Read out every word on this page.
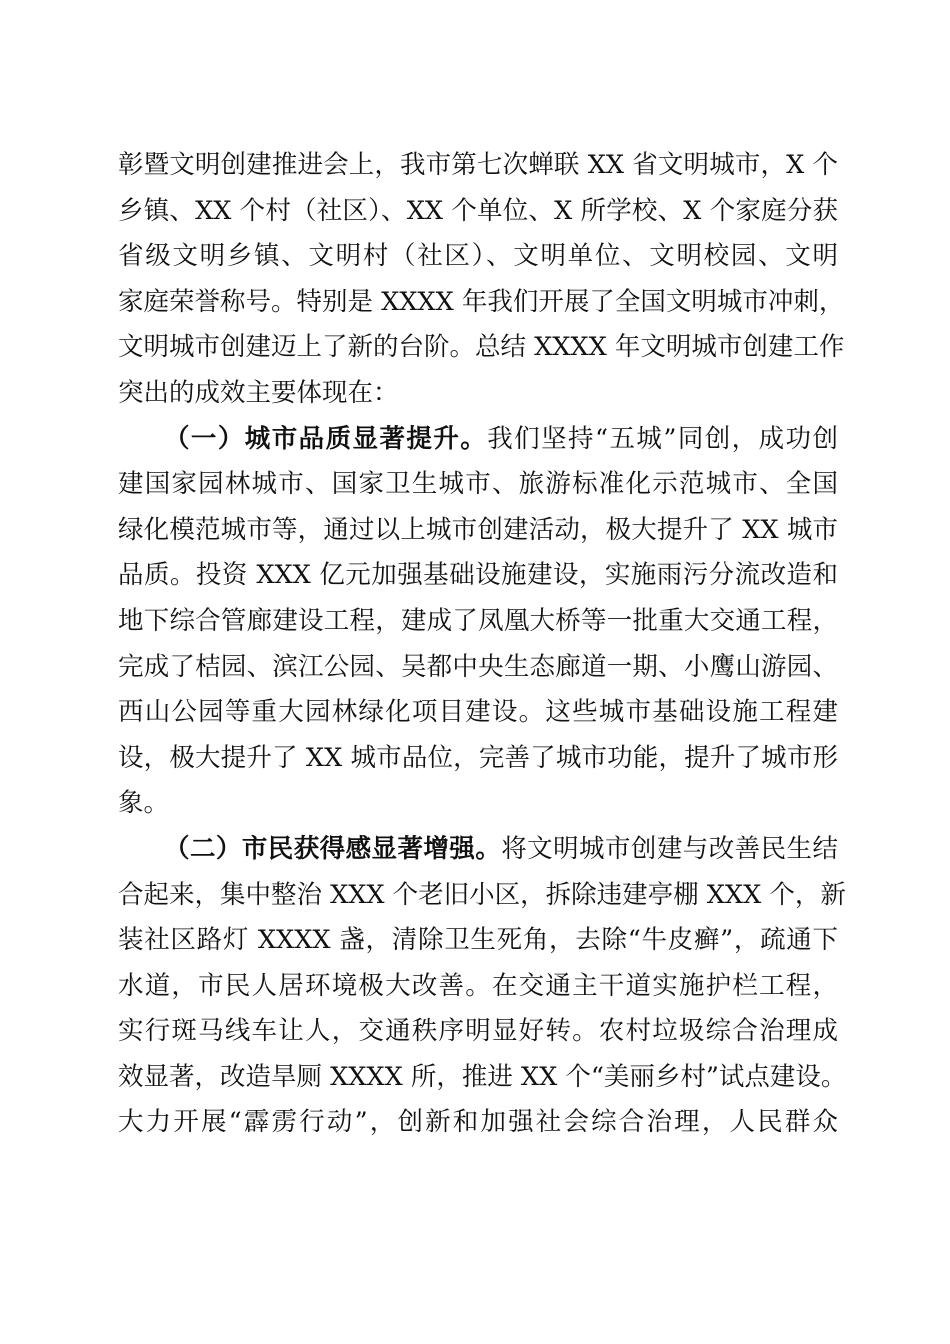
彰暨文明创建推进会上，我市第七次蝉联 XX 省文明城市，X 个
乡镇、XX 个村（社区）、XX 个单位、X 所学校、X 个家庭分获
省级文明乡镇、文明村（社区）、文明单位、文明校园、文明
家庭荣誉称号。特别是 XXXX 年我们开展了全国文明城市冲刺，
文明城市创建迈上了新的台阶。总结 XXXX 年文明城市创建工作
突出的成效主要体现在：
（一）城市品质显著提升。我们坚持“五城”同创，成功创
建国家园林城市、国家卫生城市、旅游标准化示范城市、全国
绿化模范城市等，通过以上城市创建活动，极大提升了 XX 城市
品质。投资 XXX 亿元加强基础设施建设，实施雨污分流改造和
地下综合管廊建设工程，建成了凤凰大桥等一批重大交通工程，
完成了桔园、滨江公园、吴都中央生态廊道一期、小鹰山游园、
西山公园等重大园林绿化项目建设。这些城市基础设施工程建
设，极大提升了 XX 城市品位，完善了城市功能，提升了城市形
象。
（二）市民获得感显著增强。将文明城市创建与改善民生结
合起来，集中整治 XXX 个老旧小区，拆除违建亭棚 XXX 个，新
装社区路灯 XXXX 盏，清除卫生死角，去除“牛皮癣”，疏通下
水道，市民人居环境极大改善。在交通主干道实施护栏工程，
实行斑马线车让人，交通秩序明显好转。农村垃圾综合治理成
效显著，改造旱厕 XXXX 所，推进 XX 个“美丽乡村”试点建设。
大力开展“霹雳行动”，创新和加强社会综合治理，人民群众
